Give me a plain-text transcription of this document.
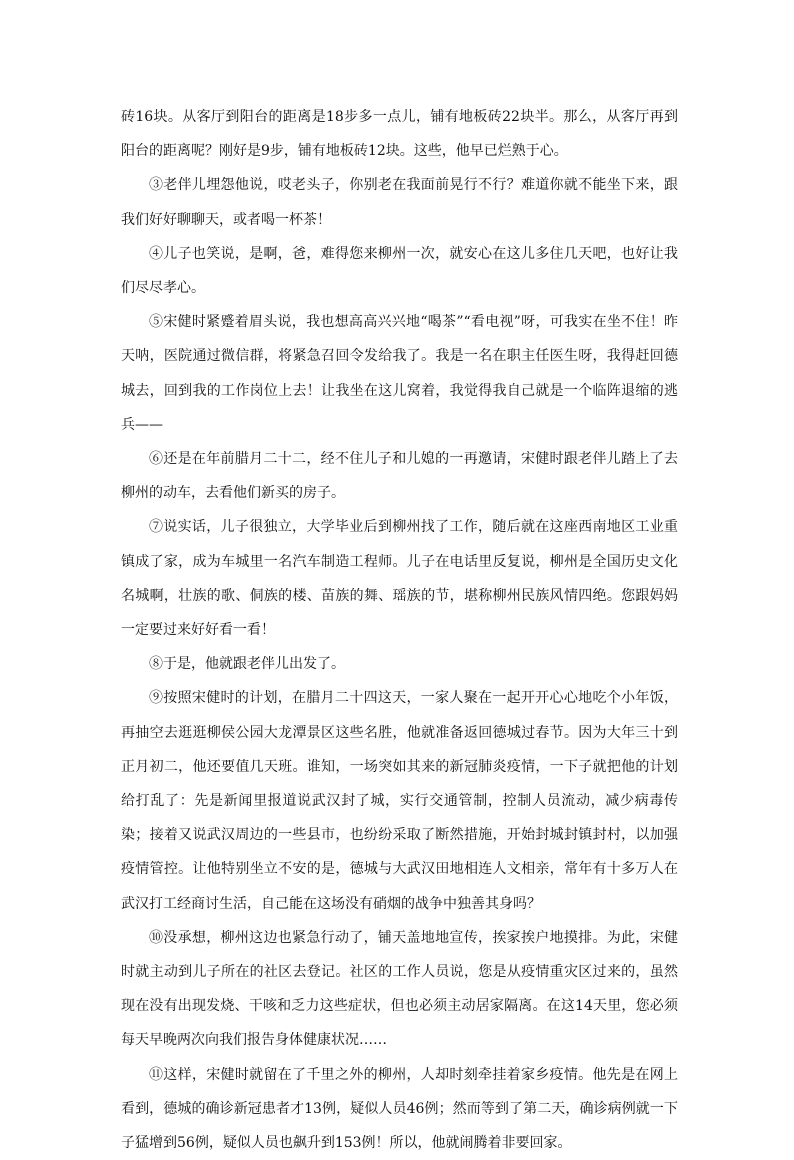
砖16块。从客厅到阳台的距离是18步多一点儿，铺有地板砖22块半。那么，从客厅再到阳台的距离呢？刚好是9步，铺有地板砖12块。这些，他早已烂熟于心。

③老伴儿埋怨他说，哎老头子，你别老在我面前晃行不行？难道你就不能坐下来，跟我们好好聊聊天，或者喝一杯茶！

④儿子也笑说，是啊，爸，难得您来柳州一次，就安心在这儿多住几天吧，也好让我们尽尽孝心。

⑤宋健时紧蹙着眉头说，我也想高高兴兴地“喝茶”“看电视”呀，可我实在坐不住！昨天呐，医院通过微信群，将紧急召回令发给我了。我是一名在职主任医生呀，我得赶回德城去，回到我的工作岗位上去！让我坐在这儿窝着，我觉得我自己就是一个临阵退缩的逃兵——

⑥还是在年前腊月二十二，经不住儿子和儿媳的一再邀请，宋健时跟老伴儿踏上了去柳州的动车，去看他们新买的房子。

⑦说实话，儿子很独立，大学毕业后到柳州找了工作，随后就在这座西南地区工业重镇成了家，成为车城里一名汽车制造工程师。儿子在电话里反复说，柳州是全国历史文化名城啊，壮族的歌、侗族的楼、苗族的舞、瑶族的节，堪称柳州民族风情四绝。您跟妈妈一定要过来好好看一看！

⑧于是，他就跟老伴儿出发了。

⑨按照宋健时的计划，在腊月二十四这天，一家人聚在一起开开心心地吃个小年饭，再抽空去逛逛柳侯公园大龙潭景区这些名胜，他就准备返回德城过春节。因为大年三十到正月初二，他还要值几天班。谁知，一场突如其来的新冠肺炎疫情，一下子就把他的计划给打乱了：先是新闻里报道说武汉封了城，实行交通管制，控制人员流动，减少病毒传染；接着又说武汉周边的一些县市，也纷纷采取了断然措施，开始封城封镇封村，以加强疫情管控。让他特别坐立不安的是，德城与大武汉田地相连人文相亲，常年有十多万人在武汉打工经商讨生活，自己能在这场没有硝烟的战争中独善其身吗？

⑩没承想，柳州这边也紧急行动了，铺天盖地地宣传，挨家挨户地摸排。为此，宋健时就主动到儿子所在的社区去登记。社区的工作人员说，您是从疫情重灾区过来的，虽然现在没有出现发烧、干咳和乏力这些症状，但也必须主动居家隔离。在这14天里，您必须每天早晚两次向我们报告身体健康状况……

⑪这样，宋健时就留在了千里之外的柳州，人却时刻牵挂着家乡疫情。他先是在网上看到，德城的确诊新冠患者才13例，疑似人员46例；然而等到了第二天，确诊病例就一下子猛增到56例，疑似人员也飙升到153例！所以，他就闹腾着非要回家。
